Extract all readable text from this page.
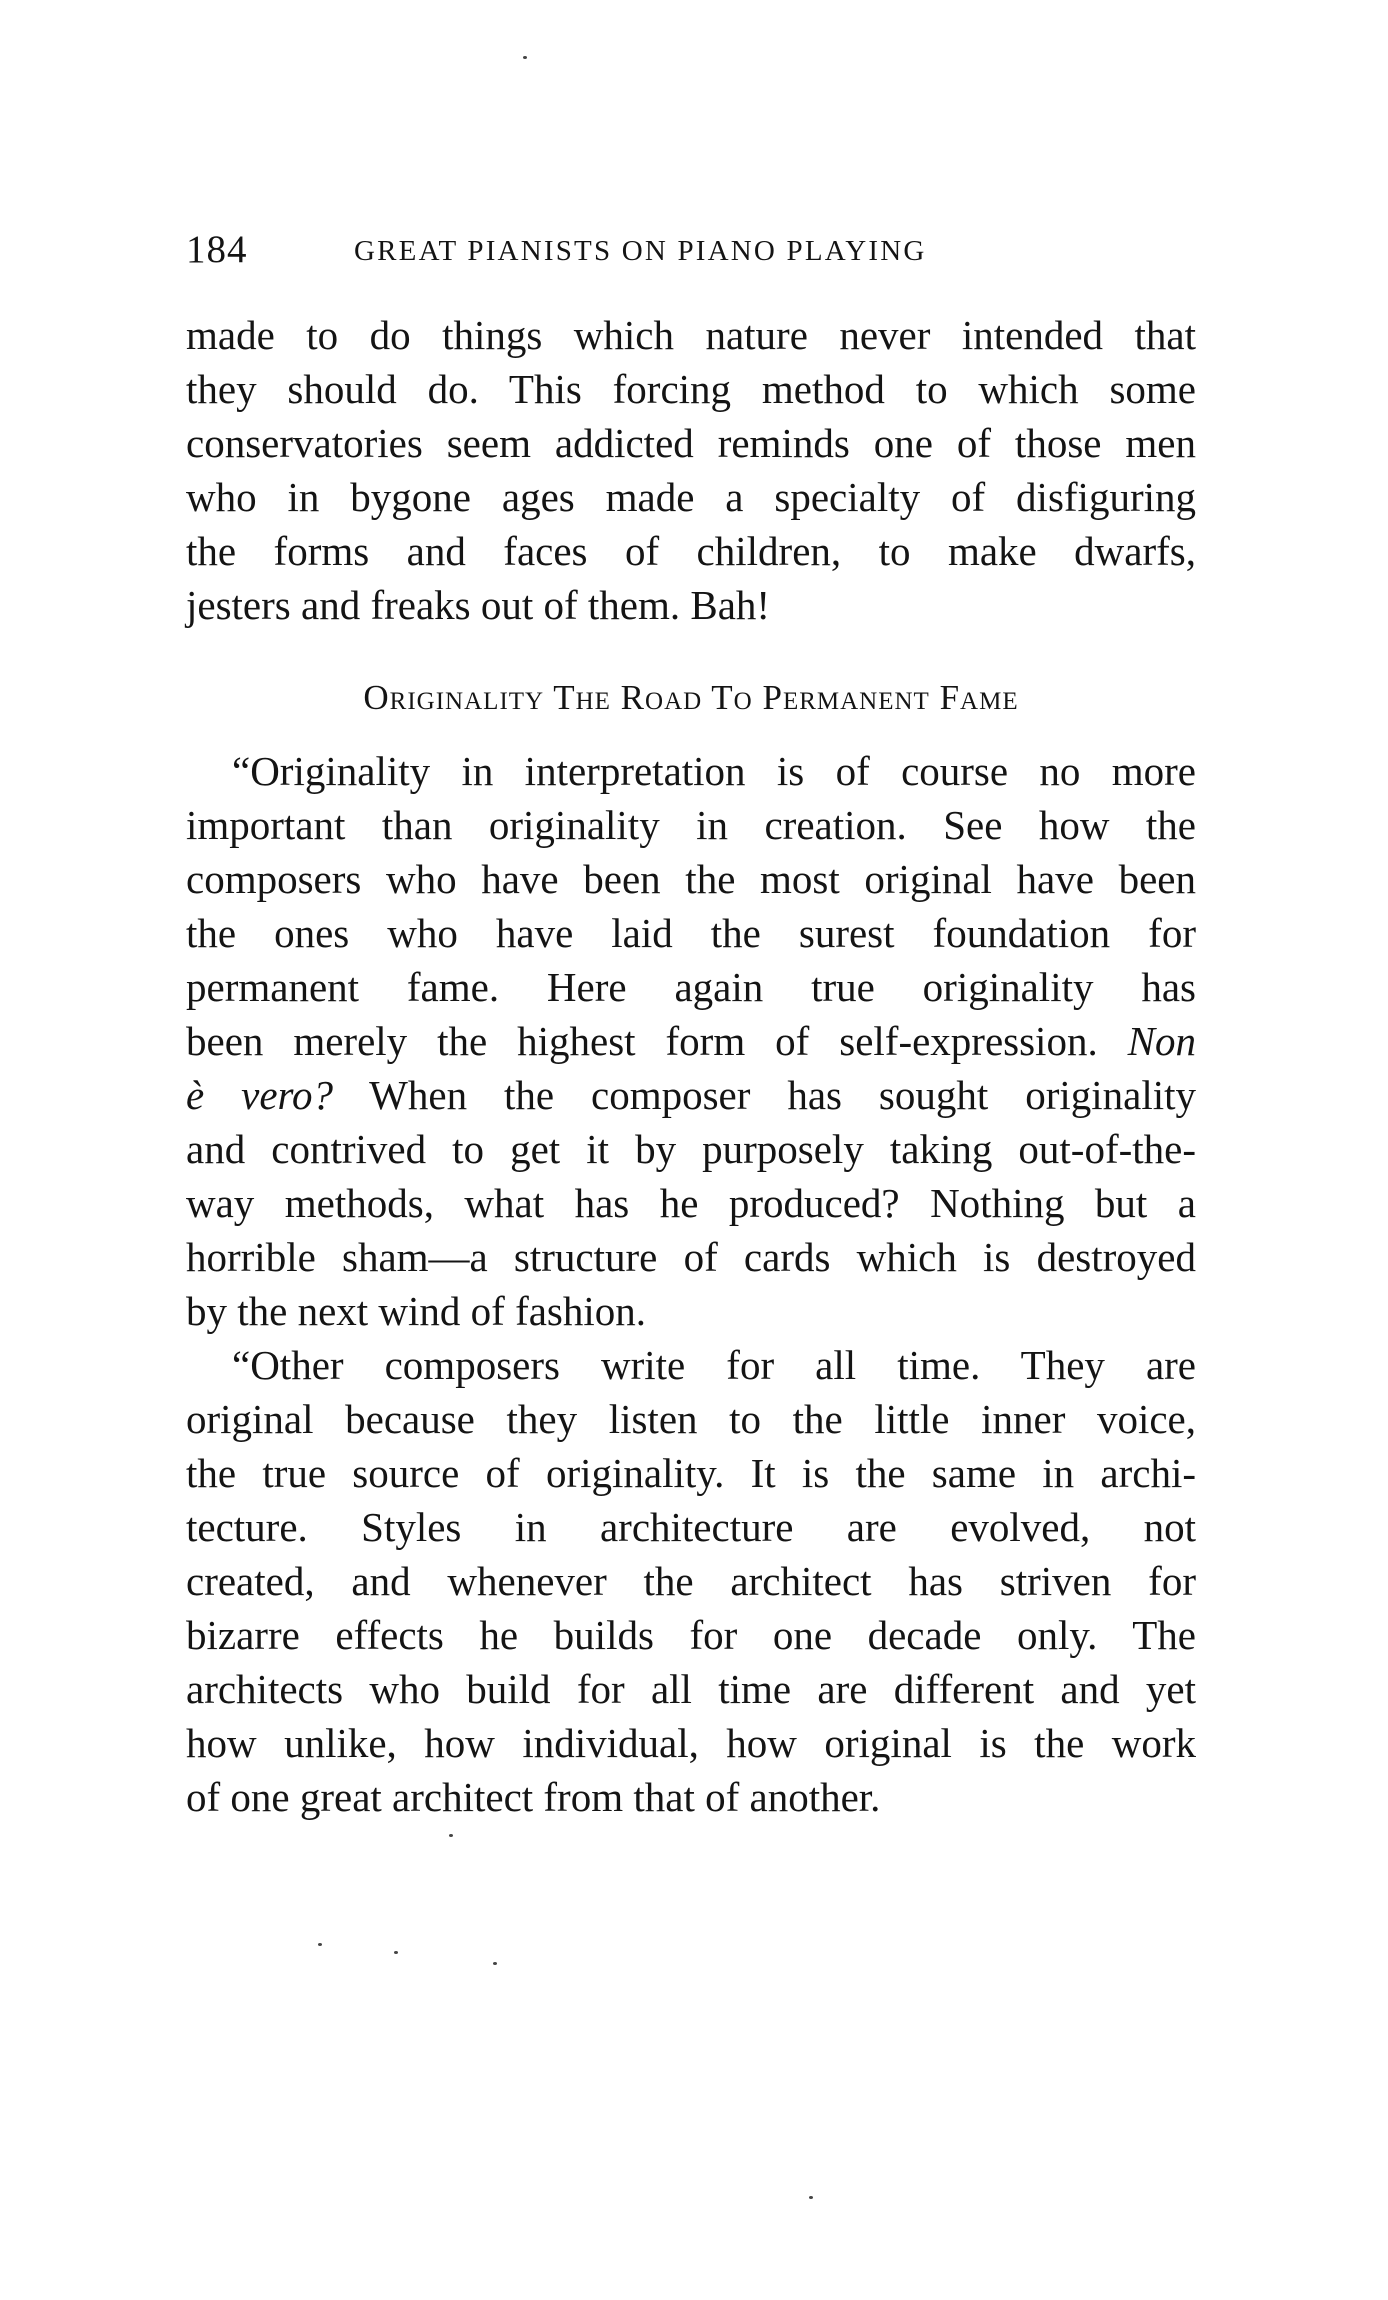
184	GREAT PIANISTS ON PIANO PLAYING
made to do things which nature never intended that
they should do. This forcing method to which some
conservatories seem addicted reminds one of those men
who in bygone ages made a specialty of disfiguring
the forms and faces of children, to make dwarfs,
jesters and freaks out of them. Bah!
Originality The Road To Permanent Fame
“Originality in interpretation is of course no more
important than originality in creation. See how the
composers who have been the most original have been
the ones who have laid the surest foundation for
permanent fame. Here again true originality has
been merely the highest form of self-expression. Non
è vero? When the composer has sought originality
and contrived to get it by purposely taking out-of-the-
way methods, what has he produced? Nothing but a
horrible sham—a structure of cards which is destroyed
by the next wind of fashion.
“Other composers write for all time. They are
original because they listen to the little inner voice,
the true source of originality. It is the same in archi-
tecture. Styles in architecture are evolved, not
created, and whenever the architect has striven for
bizarre effects he builds for one decade only. The
architects who build for all time are different and yet
how unlike, how individual, how original is the work
of one great architect from that of another.
